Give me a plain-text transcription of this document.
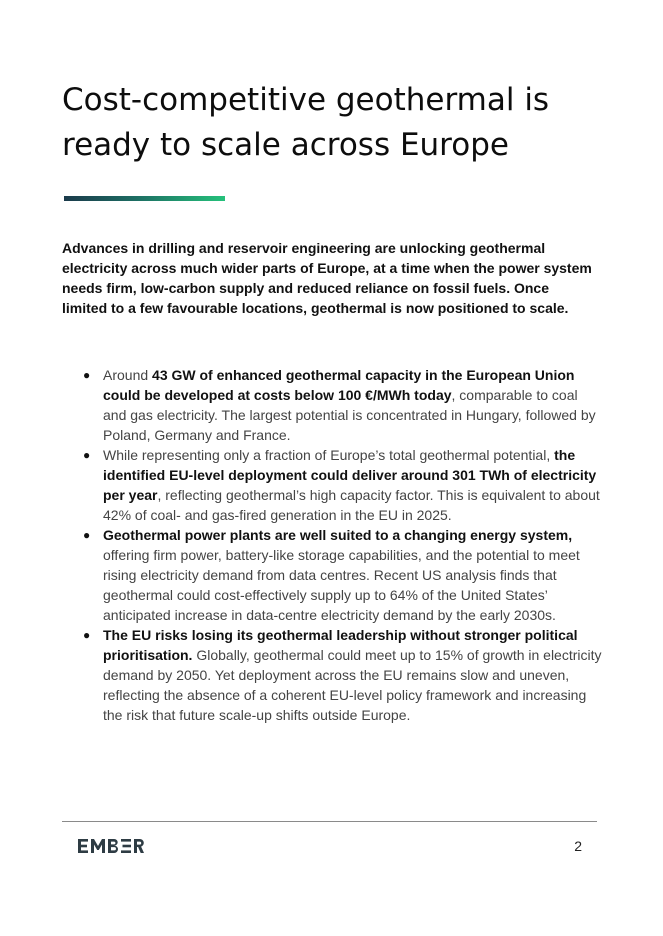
Cost-competitive geothermal is ready to scale across Europe

Advances in drilling and reservoir engineering are unlocking geothermal electricity across much wider parts of Europe, at a time when the power system needs firm, low-carbon supply and reduced reliance on fossil fuels. Once limited to a few favourable locations, geothermal is now positioned to scale.

● Around 43 GW of enhanced geothermal capacity in the European Union could be developed at costs below 100 €/MWh today, comparable to coal and gas electricity. The largest potential is concentrated in Hungary, followed by Poland, Germany and France.
● While representing only a fraction of Europe’s total geothermal potential, the identified EU-level deployment could deliver around 301 TWh of electricity per year, reflecting geothermal’s high capacity factor. This is equivalent to about 42% of coal- and gas-fired generation in the EU in 2025.
● Geothermal power plants are well suited to a changing energy system, offering firm power, battery-like storage capabilities, and the potential to meet rising electricity demand from data centres. Recent US analysis finds that geothermal could cost-effectively supply up to 64% of the United States’ anticipated increase in data-centre electricity demand by the early 2030s.
● The EU risks losing its geothermal leadership without stronger political prioritisation. Globally, geothermal could meet up to 15% of growth in electricity demand by 2050. Yet deployment across the EU remains slow and uneven, reflecting the absence of a coherent EU-level policy framework and increasing the risk that future scale-up shifts outside Europe.
2
